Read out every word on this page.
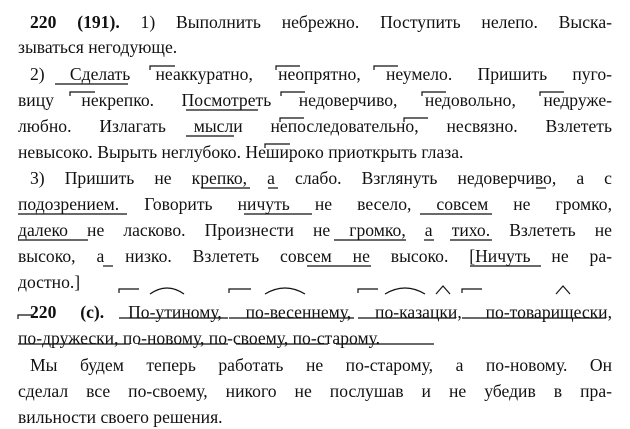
220 (191). 1) Выполнить небрежно. Поступить нелепо. Выска-
зываться негодующе.
2) Сделать неаккуратно, неопрятно, неумело. Пришить пуго-
вицу некрепко. Посмотреть недоверчиво, недовольно, недруже-
любно. Излагать мысли непоследовательно, несвязно. Взлететь
невысоко. Вырыть неглубоко. Неширокo приоткрыть глаза.
3) Пришить не крепко, а слабо. Взглянуть недоверчиво, а с
подозрением. Говорить ничуть не весело, совсем не громко,
далеко не ласково. Произнести не громко, а тихо. Взлететь не
высоко, а низко. Взлететь совсем не высоко. [Ничуть не ра-
достно.]
220 (с). По-утиному, по-весеннему, по-казацки, по-товарищески,
по-дружески, по-новому, по-своему, по-старому.
Мы будем теперь работать не по-старому, а по-новому. Он
сделал все по-своему, никого не послушав и не убедив в пра-
вильности своего решения.
